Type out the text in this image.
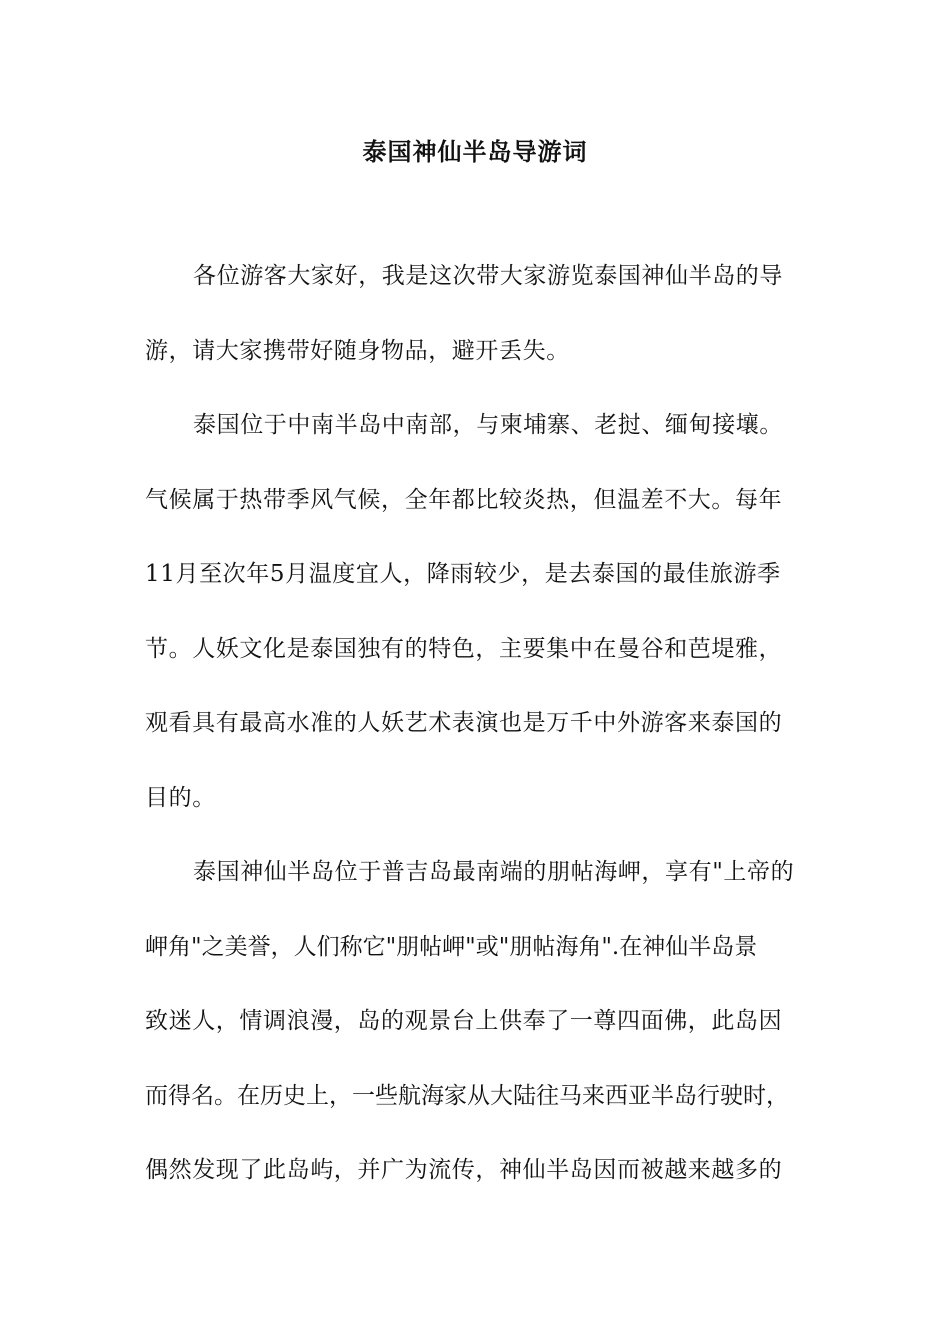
泰国神仙半岛导游词
各位游客大家好，我是这次带大家游览泰国神仙半岛的导
游，请大家携带好随身物品，避开丢失。
泰国位于中南半岛中南部，与柬埔寨、老挝、缅甸接壤。
气候属于热带季风气候，全年都比较炎热，但温差不大。每年
11月至次年5月温度宜人，降雨较少，是去泰国的最佳旅游季
节。人妖文化是泰国独有的特色，主要集中在曼谷和芭堤雅，
观看具有最高水准的人妖艺术表演也是万千中外游客来泰国的
目的。
泰国神仙半岛位于普吉岛最南端的朋帖海岬，享有"上帝的
岬角"之美誉，人们称它"朋帖岬"或"朋帖海角".在神仙半岛景
致迷人，情调浪漫，岛的观景台上供奉了一尊四面佛，此岛因
而得名。在历史上，一些航海家从大陆往马来西亚半岛行驶时，
偶然发现了此岛屿，并广为流传，神仙半岛因而被越来越多的
